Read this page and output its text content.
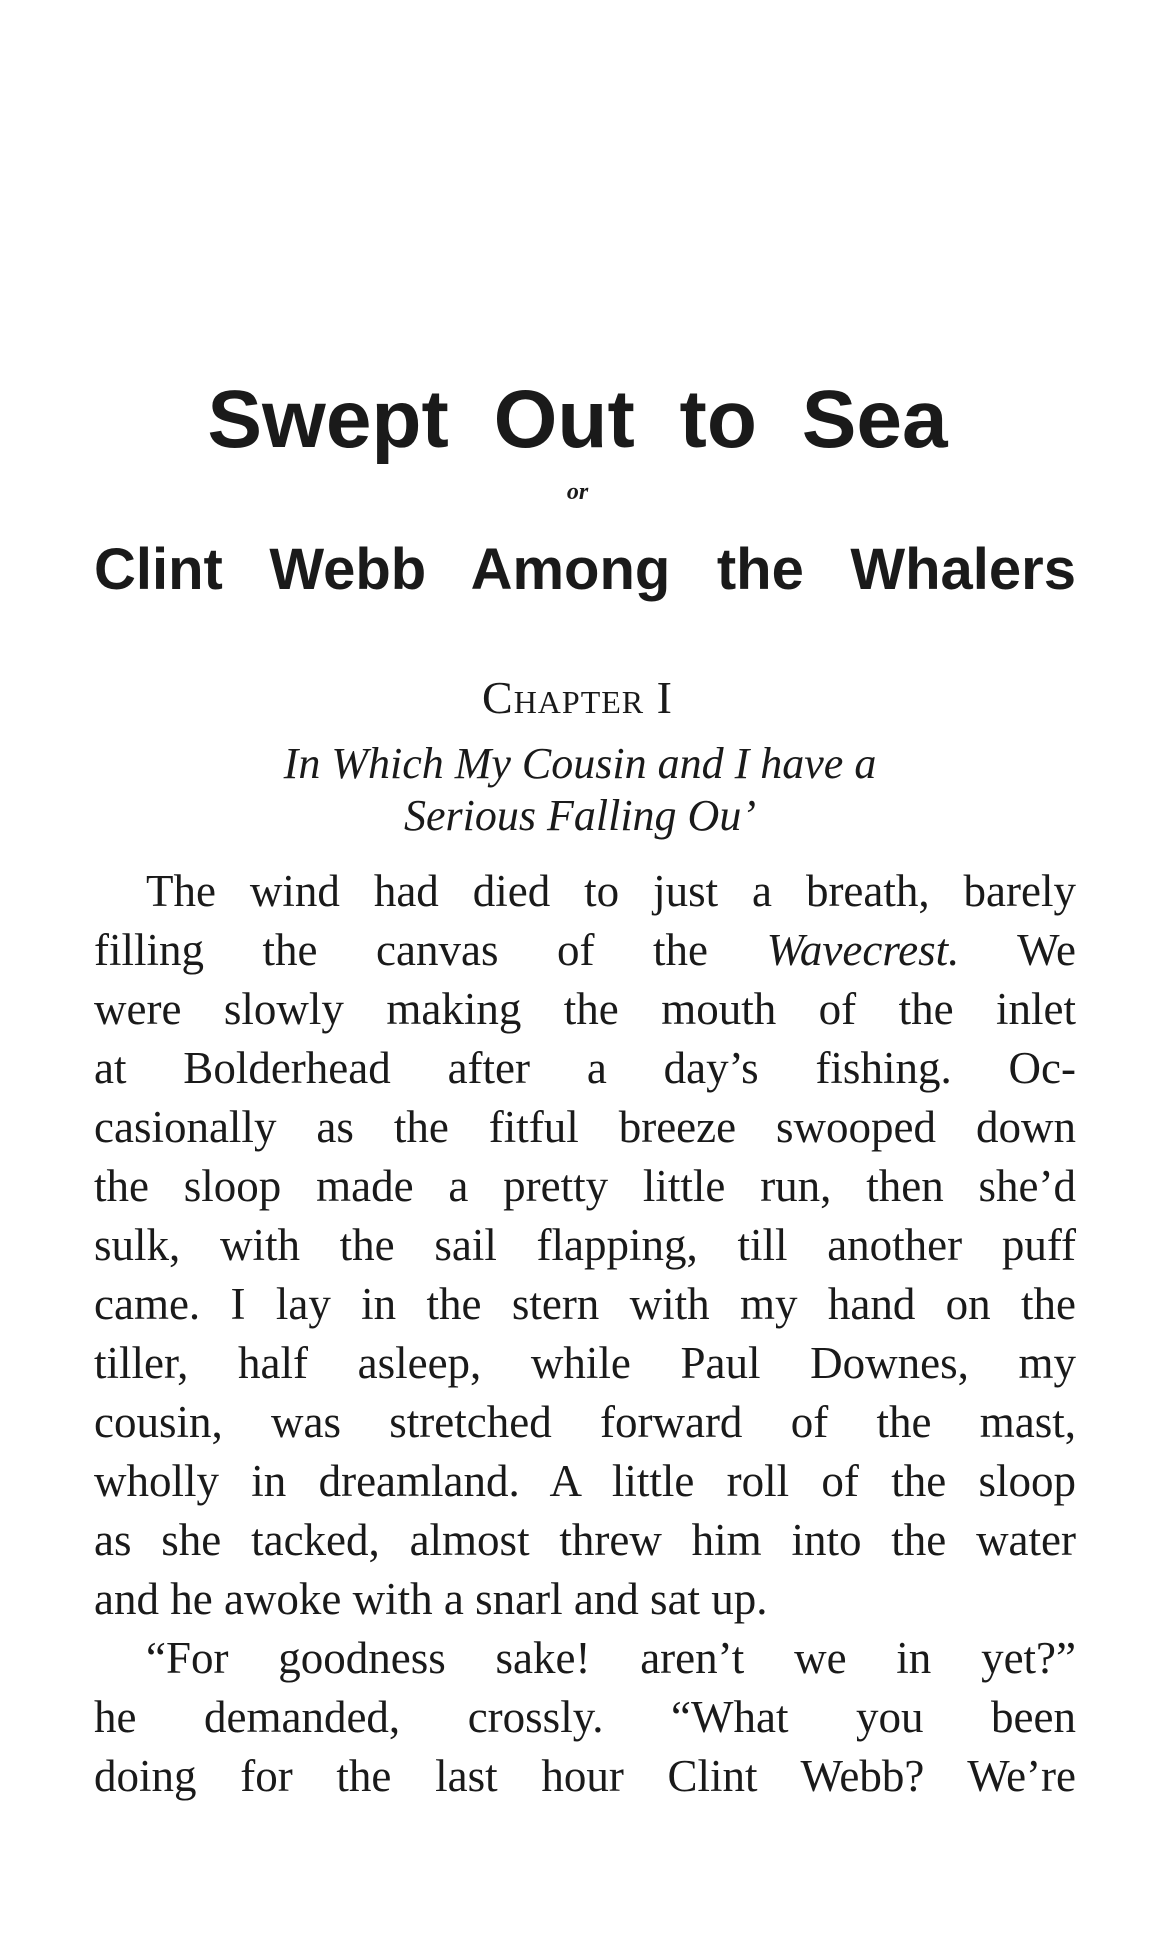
Swept Out to Sea
or
Clint Webb Among the Whalers
Chapter I
In Which My Cousin and I have a
Serious Falling Ou’
The wind had died to just a breath, barely
filling the canvas of the Wavecrest. We
were slowly making the mouth of the inlet
at Bolderhead after a day’s fishing. Oc-
casionally as the fitful breeze swooped down
the sloop made a pretty little run, then she’d
sulk, with the sail flapping, till another puff
came. I lay in the stern with my hand on the
tiller, half asleep, while Paul Downes, my
cousin, was stretched forward of the mast,
wholly in dreamland. A little roll of the sloop
as she tacked, almost threw him into the water
and he awoke with a snarl and sat up.
“For goodness sake! aren’t we in yet?”
he demanded, crossly. “What you been
doing for the last hour Clint Webb? We’re
